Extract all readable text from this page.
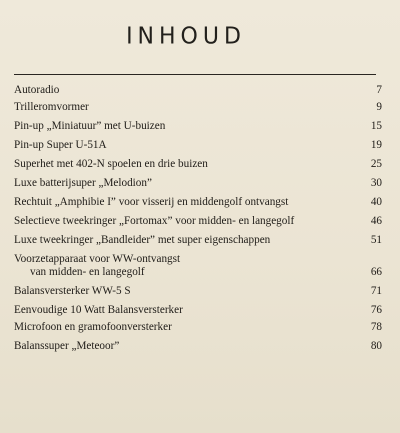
INHOUD
Autoradio	7
Trilleromvormer	9
Pin-up „Miniatuur” met U-buizen	15
Pin-up Super U-51A	19
Superhet met 402-N spoelen en drie buizen	25
Luxe batterijsuper „Melodion”	30
Rechtuit „Amphibie I” voor visserij en middengolf ontvangst	40
Selectieve tweekringer „Fortomax” voor midden- en langegolf	46
Luxe tweekringer „Bandleider” met super eigenschappen	51
Voorzetapparaat voor WW-ontvangst
van midden- en langegolf	66
Balansversterker WW-5 S	71
Eenvoudige 10 Watt Balansversterker	76
Microfoon en gramofoonversterker	78
Balanssuper „Meteoor”	80
